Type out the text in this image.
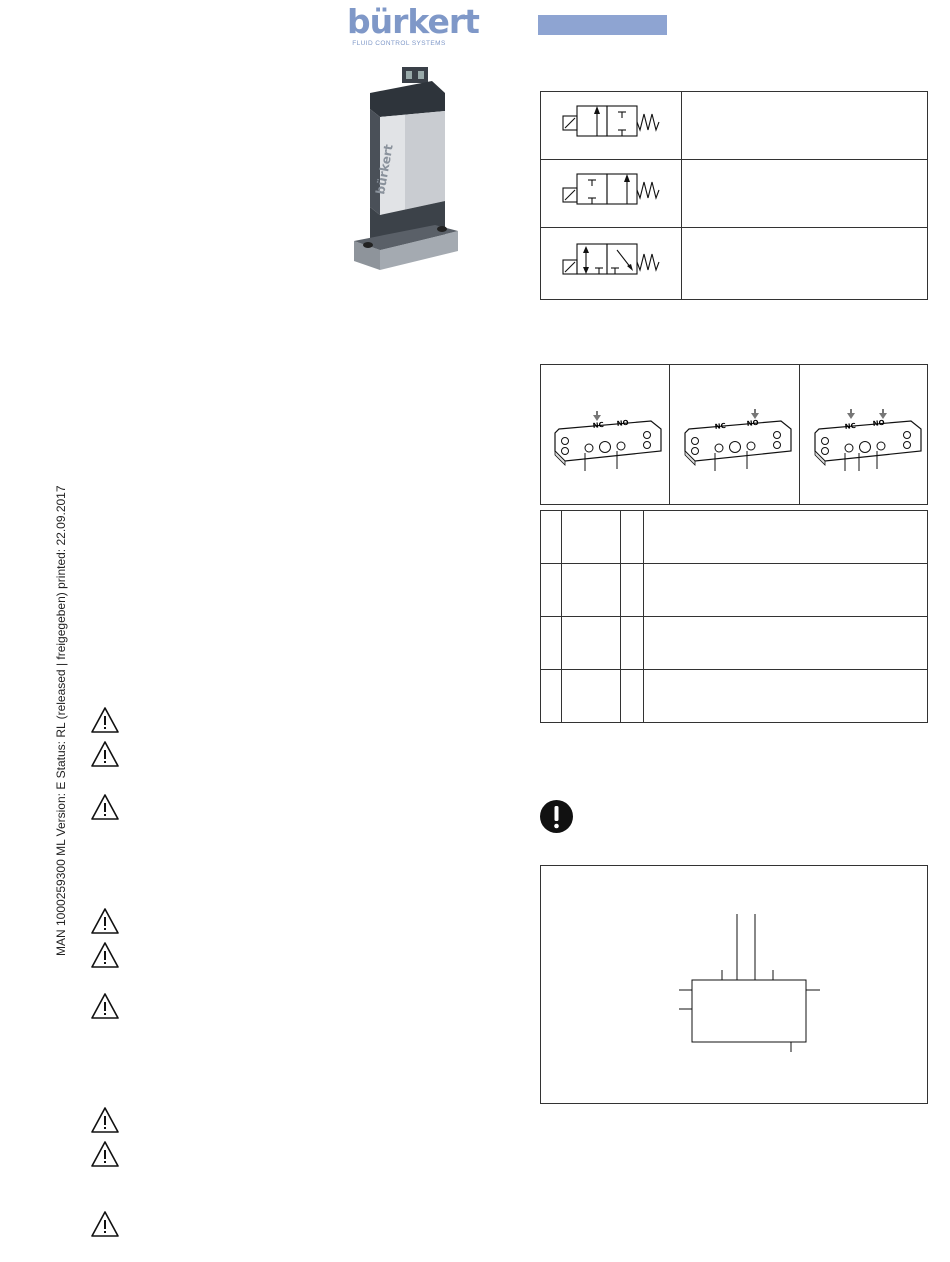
bürkert
FLUID CONTROL SYSTEMS
MAN 1000259300 ML Version: E Status: RL (released | freigegeben) printed: 22.09.2017
bürkert

NC NO	NC	NO	NC NO
